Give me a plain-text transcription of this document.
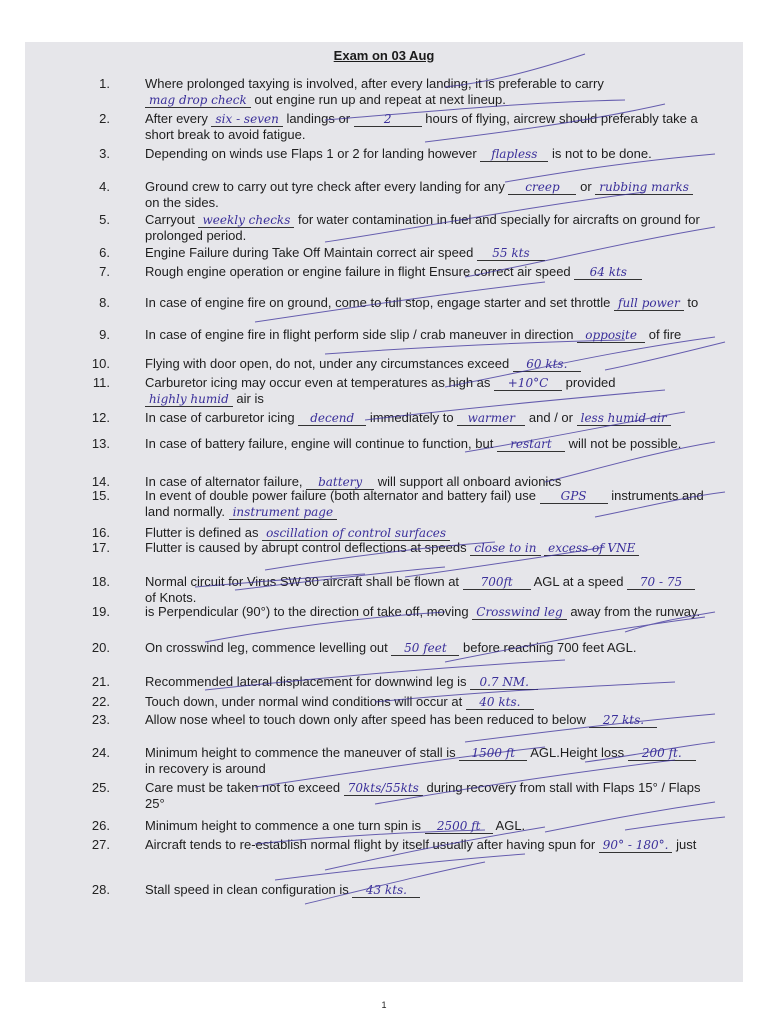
Exam on 03 Aug
1.	Where prolonged taxying is involved, after every landing, it is preferable to carry mag drop check out engine run up and repeat at next lineup.
2.	After every six - seven landings or	2	hours of flying, aircrew should preferably take a short break to avoid fatigue.
3.	Depending on winds use Flaps 1 or 2 for landing however flapless is not to be done.
4.	Ground crew to carry out tyre check after every landing for any creep or rubbing marks on the sides.
5.	Carryout weekly checks for water contamination in fuel and specially for aircrafts on ground for prolonged period.
6.	Engine Failure during Take Off Maintain correct air speed 55 kts
7.	Rough engine operation or engine failure in flight Ensure correct air speed 64 kts
8.	In case of engine fire on ground, come to full stop, engage starter and set throttle full power to
9.	In case of engine fire in flight perform side slip / crab maneuver in direction opposite of fire
10.	Flying with door open, do not, under any circumstances exceed 60 kts.
11.	Carburetor icing may occur even at temperatures as high as +10°C provided highly humid air is
12.	In case of carburetor icing decend immediately to warmer and / or less humid air
13.	In case of battery failure, engine will continue to function, but restart will not be possible.
14.	In case of alternator failure, battery will support all onboard avionics
15.	In event of double power failure (both alternator and battery fail) use GPS instruments and land normally. instrument page
16.	Flutter is defined as oscillation of control surfaces
17.	Flutter is caused by abrupt control deflections at speeds close to in excess of VNE
18.	Normal circuit for Virus SW 80 aircraft shall be flown at 700ft AGL at a speed 70 - 75 of Knots.
19.	is Perpendicular (90°) to the direction of take off, moving Crosswind leg away from the runway.
20.	On crosswind leg, commence levelling out 50 feet before reaching 700 feet AGL.
21.	Recommended lateral displacement for downwind leg is 0.7 NM.
22.	Touch down, under normal wind conditions will occur at 40 kts.
23.	Allow nose wheel to touch down only after speed has been reduced to below 27 kts.
24.	Minimum height to commence the maneuver of stall is 1500 ft AGL.Height loss 200 ft. in recovery is around
25.	Care must be taken not to exceed 70kts/55kts during recovery from stall with Flaps 15° / Flaps 25°
26.	Minimum height to commence a one turn spin is 2500 ft AGL.
27.	Aircraft tends to re-establish normal flight by itself usually after having spun for 90° - 180°. just
28.	Stall speed in clean configuration is 43 kts.
1
